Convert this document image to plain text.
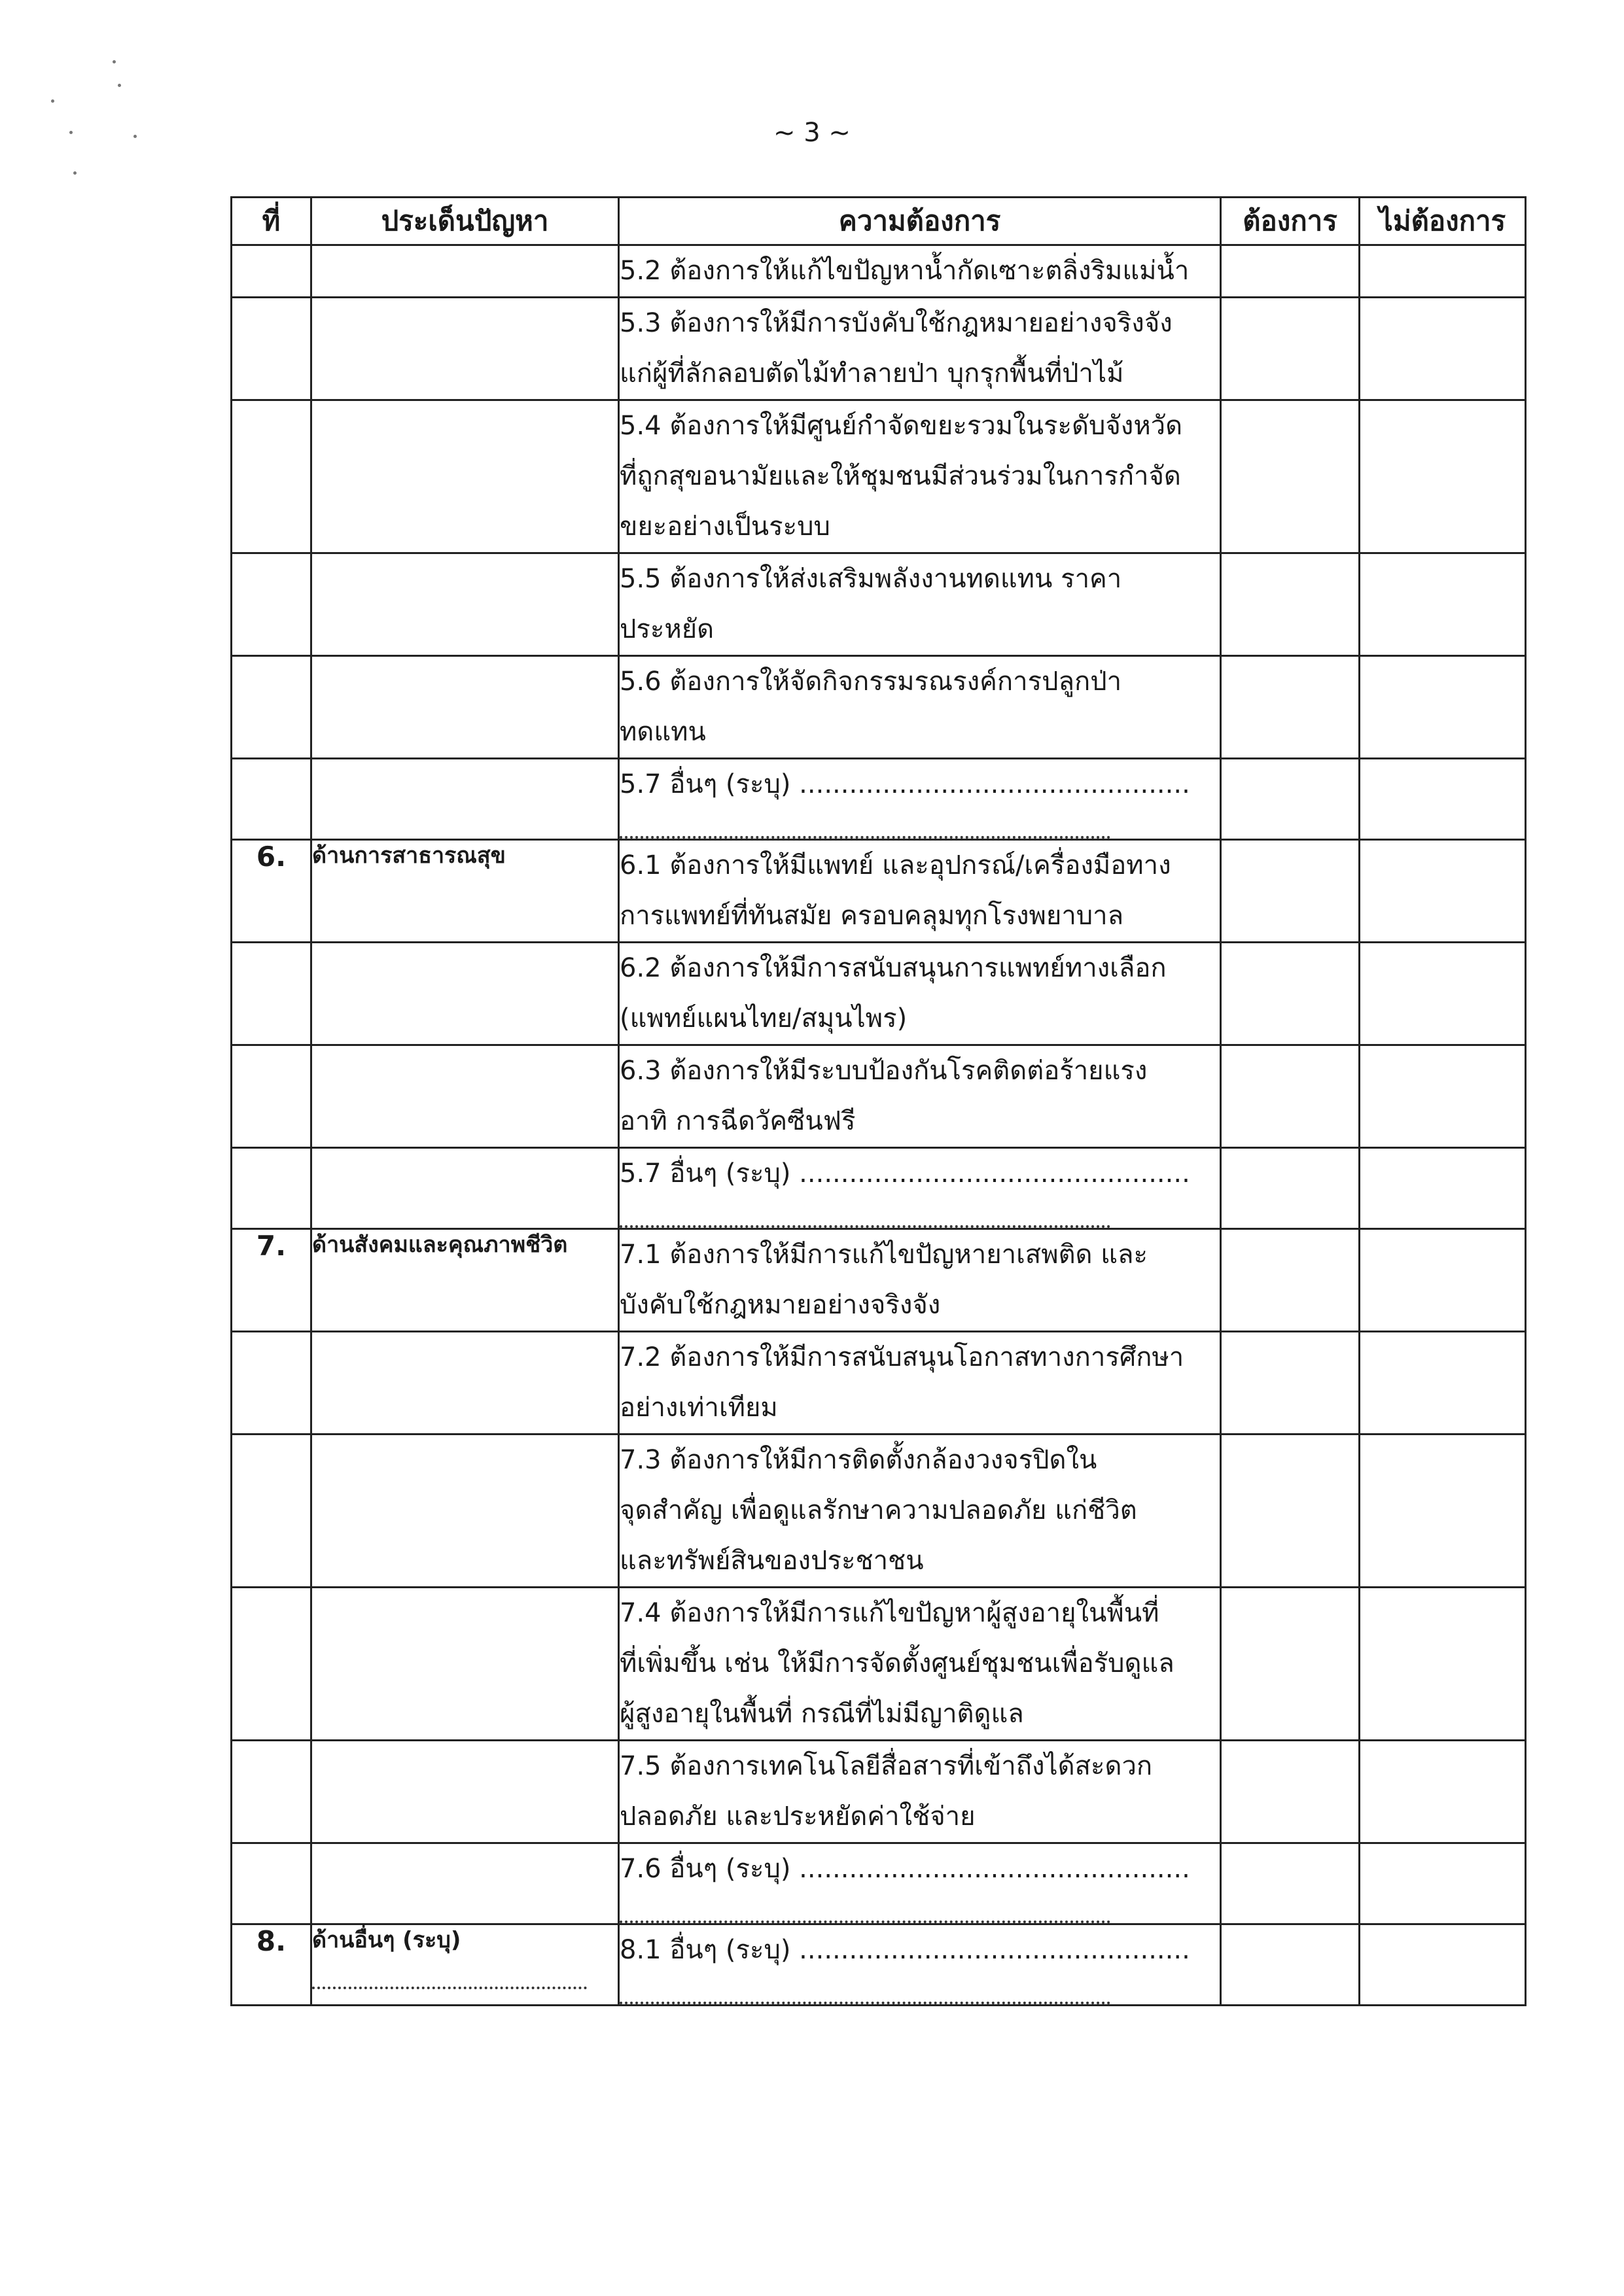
~ 3 ~
ที่	ประเด็นปัญหา	ความต้องการ	ต้องการ	ไม่ต้องการ

		5.2 ต้องการให้แก้ไขปัญหาน้ำกัดเซาะตลิ่งริมแม่น้ำ		

		5.3 ต้องการให้มีการบังคับใช้กฎหมายอย่างจริงจัง
แก่ผู้ที่ลักลอบตัดไม้ทำลายป่า บุกรุกพื้นที่ป่าไม้		

		5.4 ต้องการให้มีศูนย์กำจัดขยะรวมในระดับจังหวัด
ที่ถูกสุขอนามัยและให้ชุมชนมีส่วนร่วมในการกำจัด
ขยะอย่างเป็นระบบ		

		5.5 ต้องการให้ส่งเสริมพลังงานทดแทน ราคา
ประหยัด		

		5.6 ต้องการให้จัดกิจกรรมรณรงค์การปลูกป่า
ทดแทน		

		5.7 อื่นๆ (ระบุ) ...............................................		

6.	ด้านการสาธารณสุข	6.1 ต้องการให้มีแพทย์ และอุปกรณ์/เครื่องมือทาง
การแพทย์ที่ทันสมัย ครอบคลุมทุกโรงพยาบาล		

		6.2 ต้องการให้มีการสนับสนุนการแพทย์ทางเลือก
(แพทย์แผนไทย/สมุนไพร)		

		6.3 ต้องการให้มีระบบป้องกันโรคติดต่อร้ายแรง
อาทิ การฉีดวัคซีนฟรี		

		5.7 อื่นๆ (ระบุ) ...............................................		

7.	ด้านสังคมและคุณภาพชีวิต	7.1 ต้องการให้มีการแก้ไขปัญหายาเสพติด และ
บังคับใช้กฎหมายอย่างจริงจัง		

		7.2 ต้องการให้มีการสนับสนุนโอกาสทางการศึกษา
อย่างเท่าเทียม		

		7.3 ต้องการให้มีการติดตั้งกล้องวงจรปิดใน
จุดสำคัญ เพื่อดูแลรักษาความปลอดภัย แก่ชีวิต
และทรัพย์สินของประชาชน		

		7.4 ต้องการให้มีการแก้ไขปัญหาผู้สูงอายุในพื้นที่
ที่เพิ่มขึ้น เช่น ให้มีการจัดตั้งศูนย์ชุมชนเพื่อรับดูแล
ผู้สูงอายุในพื้นที่ กรณีที่ไม่มีญาติดูแล		

		7.5 ต้องการเทคโนโลยีสื่อสารที่เข้าถึงได้สะดวก
ปลอดภัย และประหยัดค่าใช้จ่าย		

		7.6 อื่นๆ (ระบุ) ...............................................		

8.	ด้านอื่นๆ (ระบุ)	8.1 อื่นๆ (ระบุ) ...............................................		
